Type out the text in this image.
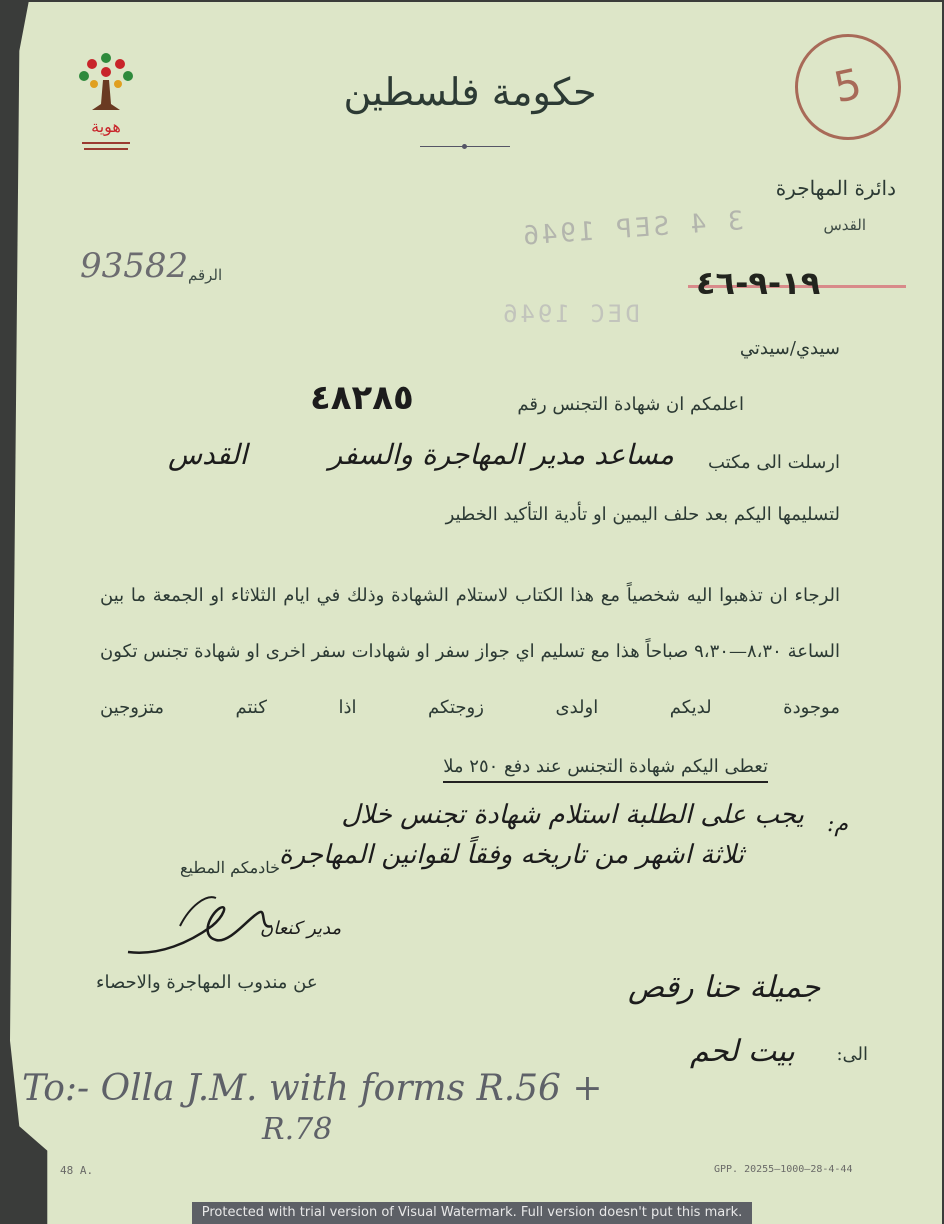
هوية
حكومة فلسطين
دائرة المهاجرة
القدس
5
3 4 SEP 1946
DEC 1946
93582 الرقم	١٩-٩-٤٦
سيدي/سيدتي
اعلمكم ان شهادة التجنس رقم
٤٨٢٨٥
ارسلت الى مكتب
مساعد مدير المهاجرة والسفر
القدس
لتسليمها اليكم بعد حلف اليمين او تأدية التأكيد الخطير
الرجاء ان تذهبوا اليه شخصياً مع هذا الكتاب لاستلام الشهادة وذلك في ايام الثلاثاء او الجمعة ما بين الساعة ٨،٣٠—٩،٣٠ صباحاً هذا مع تسليم اي جواز سفر او شهادات سفر اخرى او شهادة تجنس تكون موجودة لديكم اولدى زوجتكم اذا كنتم متزوجين
تعطى اليكم شهادة التجنس عند دفع ٢٥٠ ملا
م:
يجب على الطلبة استلام شهادة تجنس خلال
ثلاثة اشهر من تاريخه وفقاً لقوانين المهاجرة
خادمكم المطيع
مدير كنعان
عن مندوب المهاجرة والاحصاء	جميلة حنا رقص
الى:
بيت لحم
To:- Olla J.M. with forms R.56 +
R.78
48 A.	GPP. 20255—1000—28-4-44
Protected with trial version of Visual Watermark. Full version doesn't put this mark.
